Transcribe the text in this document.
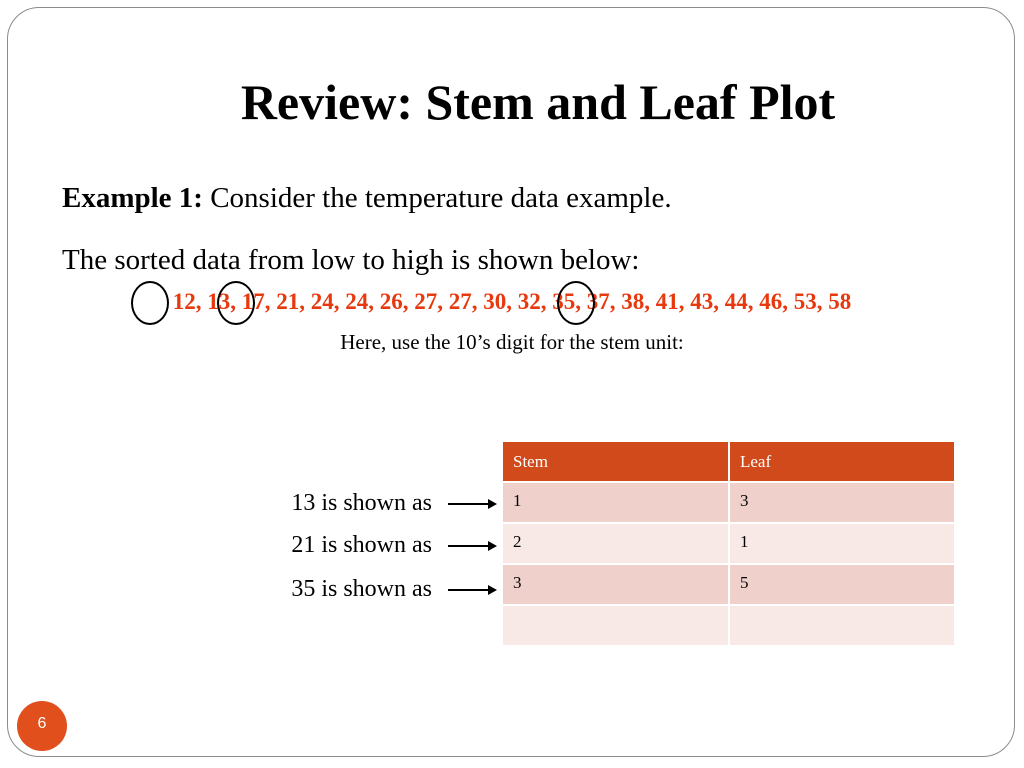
Review: Stem and Leaf Plot
Example 1: Consider the temperature data example.
The sorted data from low to high is shown below:
12, 13, 17, 21, 24, 24, 26, 27, 27, 30, 32, 35, 37, 38, 41, 43, 44, 46, 53, 58
Here, use the 10’s digit for the stem unit:
13 is shown as
21 is shown as
35 is shown as
Stem	Leaf
1	3
2	1
3	5

6
